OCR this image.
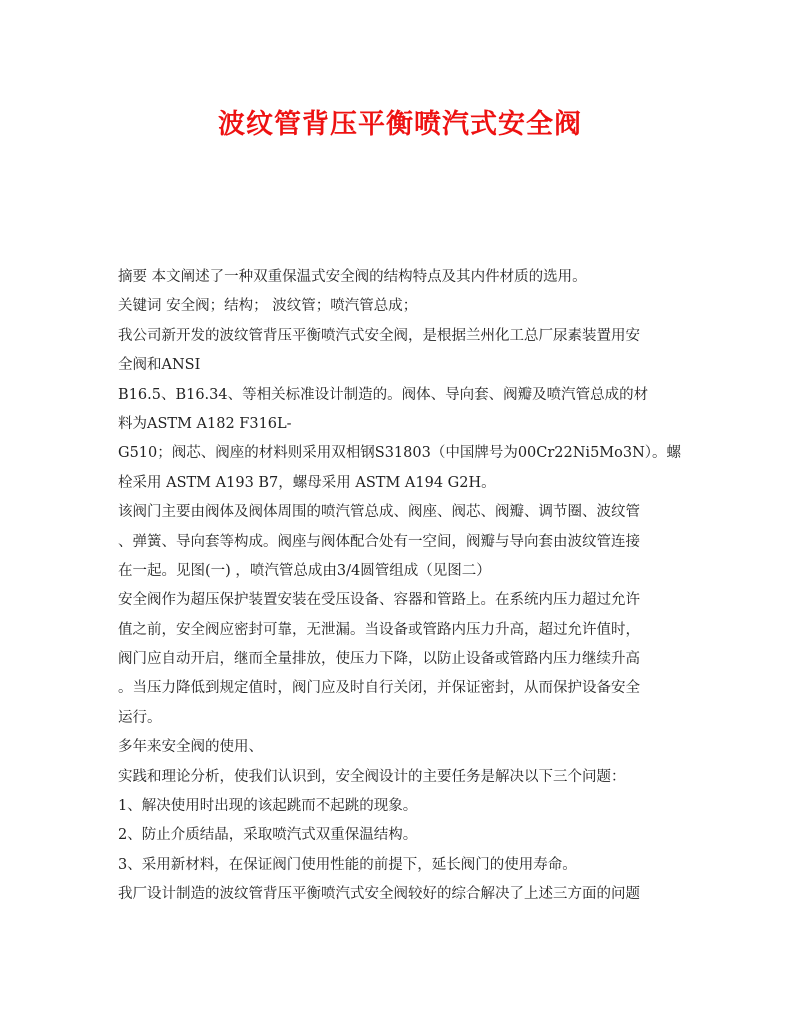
波纹管背压平衡喷汽式安全阀

摘要 本文阐述了一种双重保温式安全阀的结构特点及其内件材质的选用。

关键词 安全阀；结构； 波纹管；喷汽管总成；

我公司新开发的波纹管背压平衡喷汽式安全阀，是根据兰州化工总厂尿素装置用安

全阀和ANSI

B16.5、B16.34、等相关标准设计制造的。阀体、导向套、阀瓣及喷汽管总成的材

料为ASTM A182 F316L-

G510；阀芯、阀座的材料则采用双相钢S31803（中国牌号为00Cr22Ni5Mo3N）。螺

栓采用 ASTM A193 B7，螺母采用 ASTM A194 G2H。

该阀门主要由阀体及阀体周围的喷汽管总成、阀座、阀芯、阀瓣、调节圈、波纹管

、弹簧、导向套等构成。阀座与阀体配合处有一空间，阀瓣与导向套由波纹管连接

在一起。见图(一) ，喷汽管总成由3/4圆管组成（见图二）

安全阀作为超压保护装置安装在受压设备、容器和管路上。在系统内压力超过允许

值之前，安全阀应密封可靠，无泄漏。当设备或管路内压力升高，超过允许值时，

阀门应自动开启，继而全量排放，使压力下降，以防止设备或管路内压力继续升高

。当压力降低到规定值时，阀门应及时自行关闭，并保证密封，从而保护设备安全

运行。

多年来安全阀的使用、

实践和理论分析，使我们认识到，安全阀设计的主要任务是解决以下三个问题：

1、解决使用时出现的该起跳而不起跳的现象。

2、防止介质结晶，采取喷汽式双重保温结构。

3、采用新材料，在保证阀门使用性能的前提下，延长阀门的使用寿命。

我厂设计制造的波纹管背压平衡喷汽式安全阀较好的综合解决了上述三方面的问题
